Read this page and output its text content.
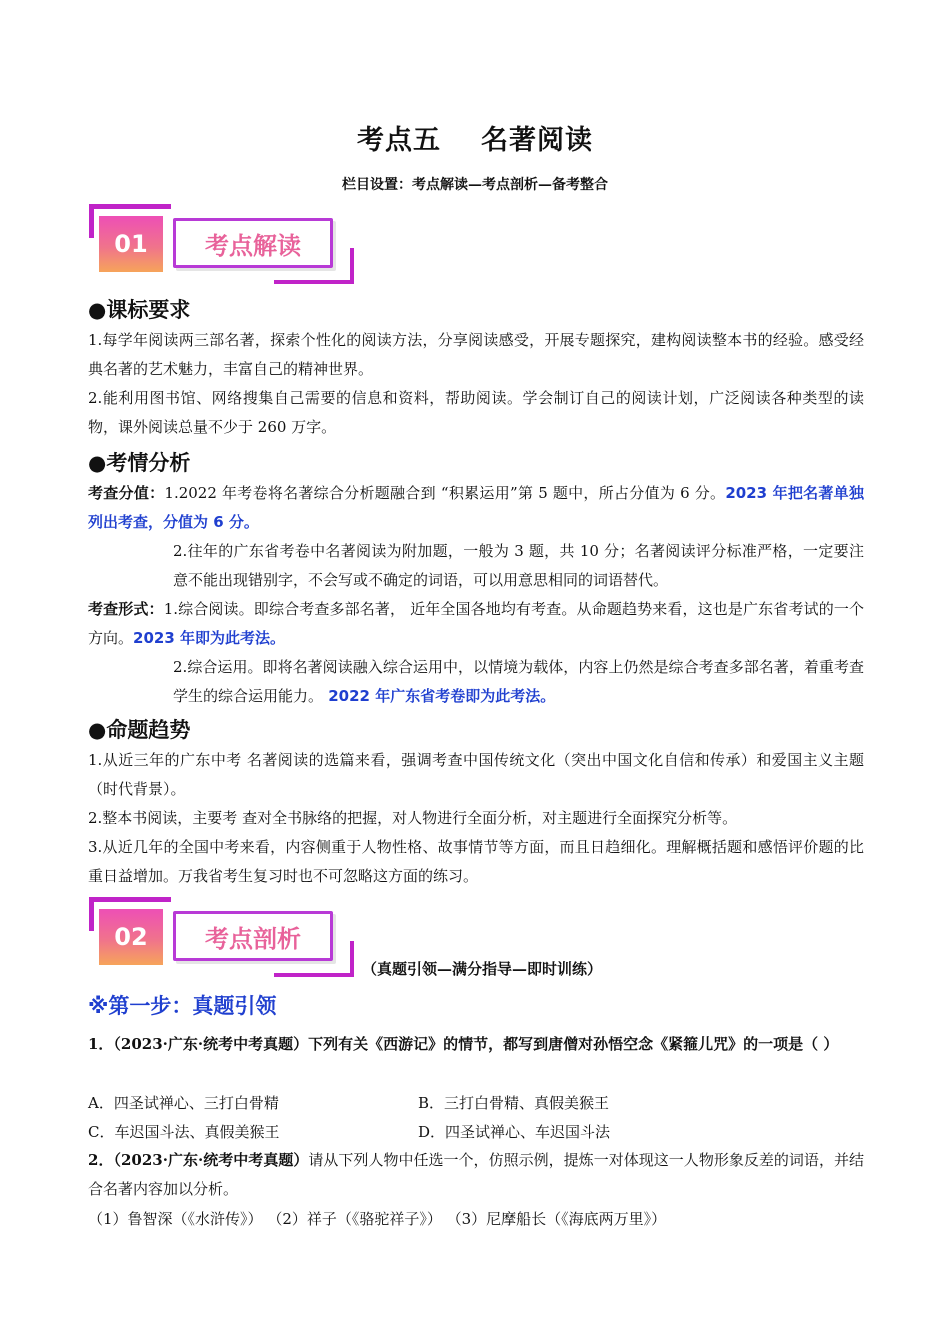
考点五 名著阅读
栏目设置：考点解读—考点剖析—备考整合
01	考点解读
●课标要求
1.每学年阅读两三部名著，探索个性化的阅读方法，分享阅读感受，开展专题探究，建构阅读整本书的经验。感受经典名著的艺术魅力，丰富自己的精神世界。
2.能利用图书馆、网络搜集自己需要的信息和资料，帮助阅读。学会制订自己的阅读计划，广泛阅读各种类型的读物，课外阅读总量不少于 260 万字。
●考情分析
考查分值：1.2022 年考卷将名著综合分析题融合到 “积累运用”第 5 题中，所占分值为 6 分。2023 年把名著单独列出考查，分值为 6 分。
2.往年的广东省考卷中名著阅读为附加题，一般为 3 题，共 10 分；名著阅读评分标准严格，一定要注意不能出现错别字，不会写或不确定的词语，可以用意思相同的词语替代。
考查形式：1.综合阅读。即综合考查多部名著， 近年全国各地均有考查。从命题趋势来看，这也是广东省考试的一个方向。2023 年即为此考法。
2.综合运用。即将名著阅读融入综合运用中，以情境为载体，内容上仍然是综合考查多部名著，着重考查学生的综合运用能力。 2022 年广东省考卷即为此考法。
●命题趋势
1.从近三年的广东中考 名著阅读的选篇来看，强调考查中国传统文化（突出中国文化自信和传承）和爱国主义主题（时代背景）。
2.整本书阅读，主要考 查对全书脉络的把握，对人物进行全面分析，对主题进行全面探究分析等。
3.从近几年的全国中考来看，内容侧重于人物性格、故事情节等方面，而且日趋细化。理解概括题和感悟评价题的比重日益增加。万我省考生复习时也不可忽略这方面的练习。
02	考点剖析
（真题引领—满分指导—即时训练）
※第一步：真题引领
1．（2023·广东·统考中考真题）下列有关《西游记》的情节，都写到唐僧对孙悟空念《紧箍儿咒》的一项是（ ）
A．四圣试禅心、三打白骨精	B．三打白骨精、真假美猴王
C．车迟国斗法、真假美猴王	D．四圣试禅心、车迟国斗法
2．（2023·广东·统考中考真题）请从下列人物中任选一个，仿照示例，提炼一对体现这一人物形象反差的词语，并结合名著内容加以分析。
（1）鲁智深（《水浒传》） （2）祥子（《骆驼祥子》） （3）尼摩船长（《海底两万里》）
